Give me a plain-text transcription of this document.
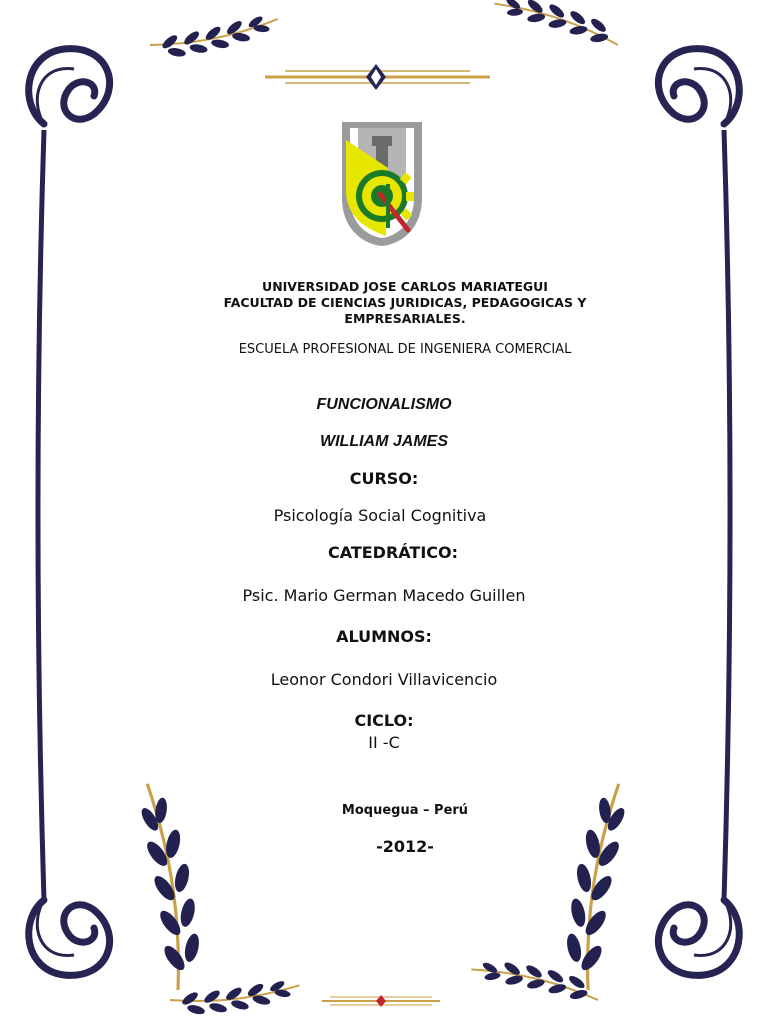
UNIVERSIDAD JOSE CARLOS MARIATEGUI
FACULTAD DE CIENCIAS JURIDICAS, PEDAGOGICAS Y EMPRESARIALES.
ESCUELA PROFESIONAL DE INGENIERA COMERCIAL
FUNCIONALISMO
WILLIAM JAMES
CURSO:
Psicología Social Cognitiva
CATEDRÁTICO:
Psic. Mario German Macedo Guillen
ALUMNOS:
Leonor Condori Villavicencio
CICLO:
II -C
Moquegua – Perú
-2012-
